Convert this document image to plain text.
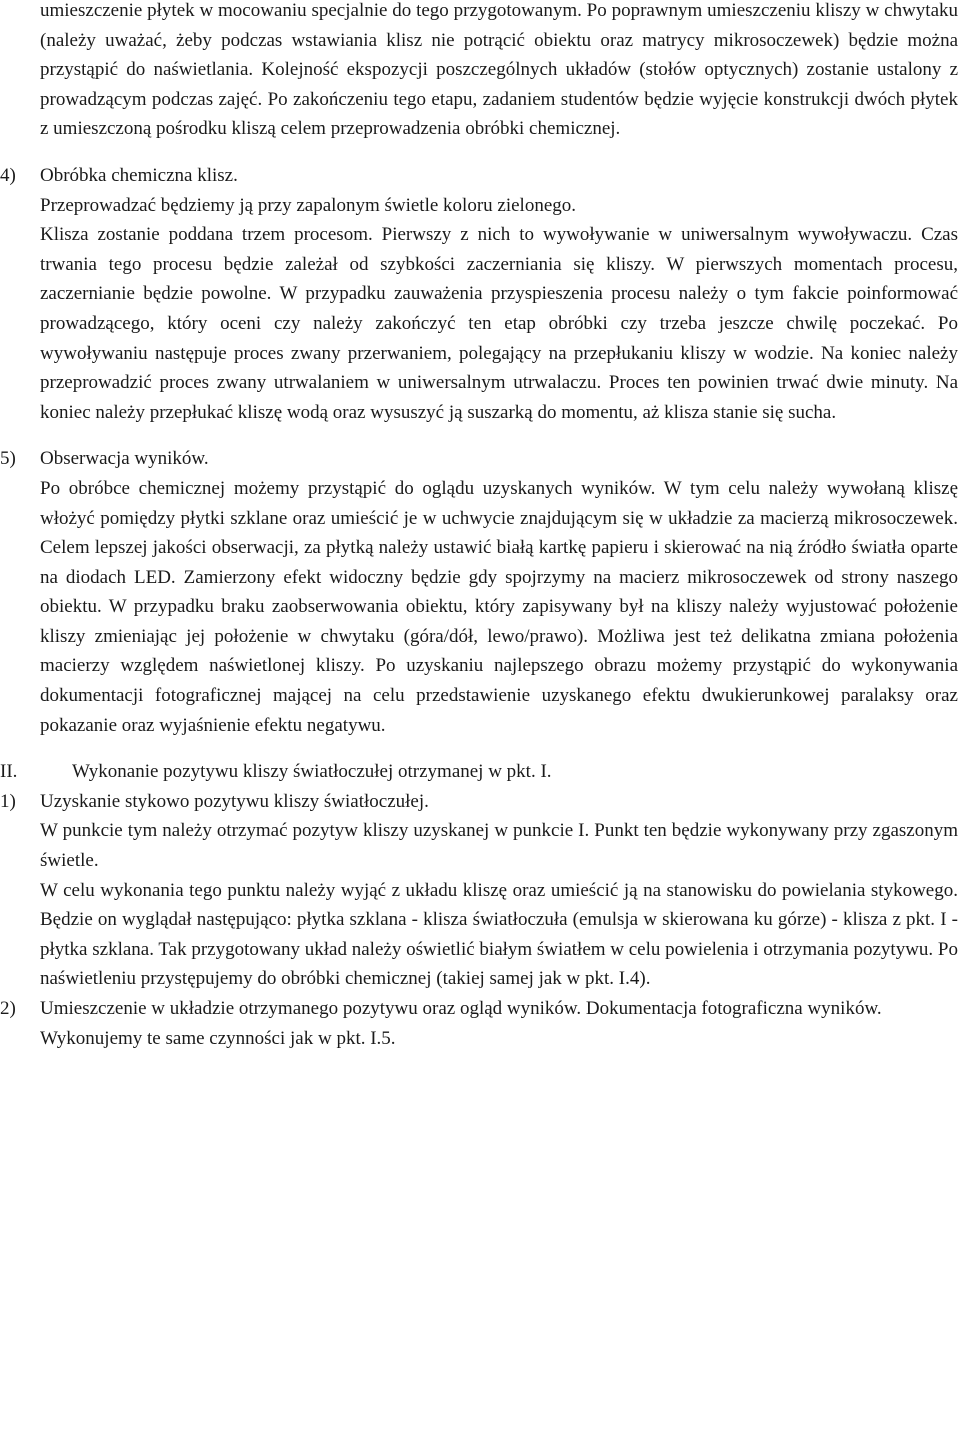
umieszczenie płytek w mocowaniu specjalnie do tego przygotowanym. Po poprawnym umieszczeniu kliszy w chwytaku (należy uważać, żeby podczas wstawiania klisz nie potrącić obiektu oraz matrycy mikrosoczewek) będzie można przystąpić do naświetlania. Kolejność ekspozycji poszczególnych układów (stołów optycznych) zostanie ustalony z prowadzącym podczas zajęć. Po zakończeniu tego etapu, zadaniem studentów będzie wyjęcie konstrukcji dwóch płytek z umieszczoną pośrodku kliszą celem przeprowadzenia obróbki chemicznej.

4) Obróbka chemiczna klisz.

Przeprowadzać będziemy ją przy zapalonym świetle koloru zielonego.

Klisza zostanie poddana trzem procesom. Pierwszy z nich to wywoływanie w uniwersalnym wywoływaczu. Czas trwania tego procesu będzie zależał od szybkości zaczerniania się kliszy. W pierwszych momentach procesu, zaczernianie będzie powolne. W przypadku zauważenia przyspieszenia procesu należy o tym fakcie poinformować prowadzącego, który oceni czy należy zakończyć ten etap obróbki czy trzeba jeszcze chwilę poczekać. Po wywoływaniu następuje proces zwany przerwaniem, polegający na przepłukaniu kliszy w wodzie. Na koniec należy przeprowadzić proces zwany utrwalaniem w uniwersalnym utrwalaczu. Proces ten powinien trwać dwie minuty. Na koniec należy przepłukać kliszę wodą oraz wysuszyć ją suszarką do momentu, aż klisza stanie się sucha.

5) Obserwacja wyników.

Po obróbce chemicznej możemy przystąpić do oglądu uzyskanych wyników. W tym celu należy wywołaną kliszę włożyć pomiędzy płytki szklane oraz umieścić je w uchwycie znajdującym się w układzie za macierzą mikrosoczewek. Celem lepszej jakości obserwacji, za płytką należy ustawić białą kartkę papieru i skierować na nią źródło światła oparte na diodach LED. Zamierzony efekt widoczny będzie gdy spojrzymy na macierz mikrosoczewek od strony naszego obiektu. W przypadku braku zaobserwowania obiektu, który zapisywany był na kliszy należy wyjustować położenie kliszy zmieniając jej położenie w chwytaku (góra/dół, lewo/prawo). Możliwa jest też delikatna zmiana położenia macierzy względem naświetlonej kliszy. Po uzyskaniu najlepszego obrazu możemy przystąpić do wykonywania dokumentacji fotograficznej mającej na celu przedstawienie uzyskanego efektu dwukierunkowej paralaksy oraz pokazanie oraz wyjaśnienie efektu negatywu.

II.	Wykonanie pozytywu kliszy światłoczułej otrzymanej w pkt. I.
1) Uzyskanie stykowo pozytywu kliszy światłoczułej.

W punkcie tym należy otrzymać pozytyw kliszy uzyskanej w punkcie I. Punkt ten będzie wykonywany przy zgaszonym świetle.

W celu wykonania tego punktu należy wyjąć z układu kliszę oraz umieścić ją na stanowisku do powielania stykowego. Będzie on wyglądał następująco: płytka szklana - klisza światłoczuła (emulsja w skierowana ku górze) - klisza z pkt. I - płytka szklana. Tak przygotowany układ należy oświetlić białym światłem w celu powielenia i otrzymania pozytywu. Po naświetleniu przystępujemy do obróbki chemicznej (takiej samej jak w pkt. I.4).

2) Umieszczenie w układzie otrzymanego pozytywu oraz ogląd wyników. Dokumentacja fotograficzna wyników.

Wykonujemy te same czynności jak w pkt. I.5.
